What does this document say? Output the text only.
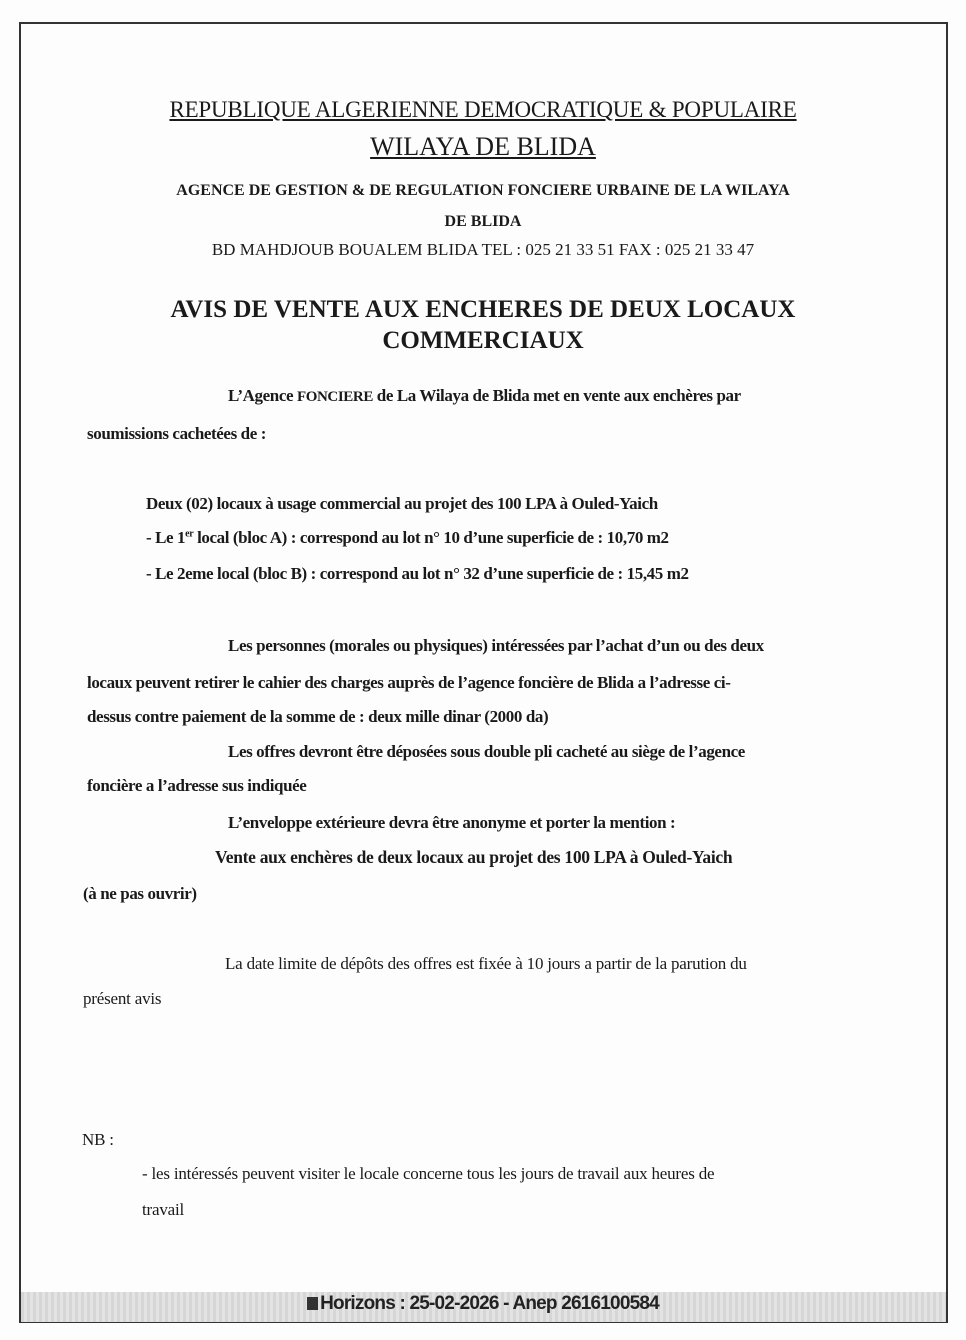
REPUBLIQUE ALGERIENNE DEMOCRATIQUE & POPULAIRE
WILAYA DE BLIDA
AGENCE DE GESTION & DE REGULATION FONCIERE URBAINE DE LA WILAYA
DE BLIDA
BD MAHDJOUB BOUALEM BLIDA TEL : 025 21 33 51 FAX : 025 21 33 47
AVIS DE VENTE AUX ENCHERES DE DEUX LOCAUX
COMMERCIAUX
L’Agence FONCIERE de La Wilaya de Blida met en vente aux enchères par
soumissions cachetées de :
Deux (02) locaux à usage commercial au projet des 100 LPA à Ouled-Yaich
- Le 1er local (bloc A) : correspond au lot n° 10 d’une superficie de : 10,70 m2
- Le 2eme local (bloc B) : correspond au lot n° 32 d’une superficie de : 15,45 m2
Les personnes (morales ou physiques) intéressées par l’achat d’un ou des deux
locaux peuvent retirer le cahier des charges auprès de l’agence foncière de Blida a l’adresse ci-
dessus contre paiement de la somme de : deux mille dinar (2000 da)
Les offres devront être déposées sous double pli cacheté au siège de l’agence
foncière a l’adresse sus indiquée
L’enveloppe extérieure devra être anonyme et porter la mention :
Vente aux enchères de deux locaux au projet des 100 LPA à Ouled-Yaich
(à ne pas ouvrir)
La date limite de dépôts des offres est fixée à 10 jours a partir de la parution du
présent avis
NB :
- les intéressés peuvent visiter le locale concerne tous les jours de travail aux heures de
travail
Horizons : 25-02-2026 - Anep 2616100584
